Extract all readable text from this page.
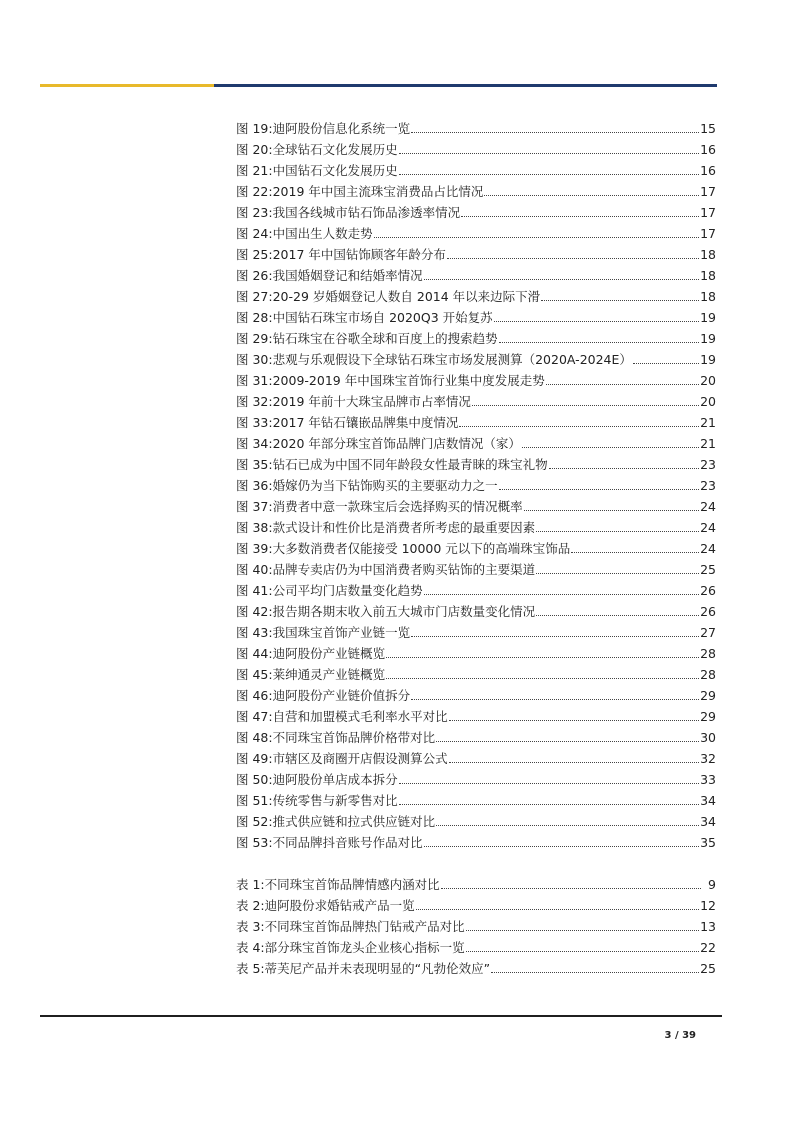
图 19: 迪阿股份信息化系统一览	15
图 20: 全球钻石文化发展历史	16
图 21: 中国钻石文化发展历史	16
图 22: 2019 年中国主流珠宝消费品占比情况	17
图 23: 我国各线城市钻石饰品渗透率情况	17
图 24: 中国出生人数走势	17
图 25: 2017 年中国钻饰顾客年龄分布	18
图 26: 我国婚姻登记和结婚率情况	18
图 27: 20-29 岁婚姻登记人数自 2014 年以来边际下滑	18
图 28: 中国钻石珠宝市场自 2020Q3 开始复苏	19
图 29: 钻石珠宝在谷歌全球和百度上的搜索趋势	19
图 30: 悲观与乐观假设下全球钻石珠宝市场发展测算（2020A-2024E）	19
图 31: 2009-2019 年中国珠宝首饰行业集中度发展走势	20
图 32: 2019 年前十大珠宝品牌市占率情况	20
图 33: 2017 年钻石镶嵌品牌集中度情况	21
图 34: 2020 年部分珠宝首饰品牌门店数情况（家）	21
图 35: 钻石已成为中国不同年龄段女性最青睐的珠宝礼物	23
图 36: 婚嫁仍为当下钻饰购买的主要驱动力之一	23
图 37: 消费者中意一款珠宝后会选择购买的情况概率	24
图 38: 款式设计和性价比是消费者所考虑的最重要因素	24
图 39: 大多数消费者仅能接受 10000 元以下的高端珠宝饰品	24
图 40: 品牌专卖店仍为中国消费者购买钻饰的主要渠道	25
图 41: 公司平均门店数量变化趋势	26
图 42: 报告期各期末收入前五大城市门店数量变化情况	26
图 43: 我国珠宝首饰产业链一览	27
图 44: 迪阿股份产业链概览	28
图 45: 莱绅通灵产业链概览	28
图 46: 迪阿股份产业链价值拆分	29
图 47: 自营和加盟模式毛利率水平对比	29
图 48: 不同珠宝首饰品牌价格带对比	30
图 49: 市辖区及商圈开店假设测算公式	32
图 50: 迪阿股份单店成本拆分	33
图 51: 传统零售与新零售对比	34
图 52: 推式供应链和拉式供应链对比	34
图 53: 不同品牌抖音账号作品对比	35
表 1: 不同珠宝首饰品牌情感内涵对比	9
表 2: 迪阿股份求婚钻戒产品一览	12
表 3: 不同珠宝首饰品牌热门钻戒产品对比	13
表 4: 部分珠宝首饰龙头企业核心指标一览	22
表 5: 蒂芙尼产品并未表现明显的“凡勃伦效应”	25
3 / 39
